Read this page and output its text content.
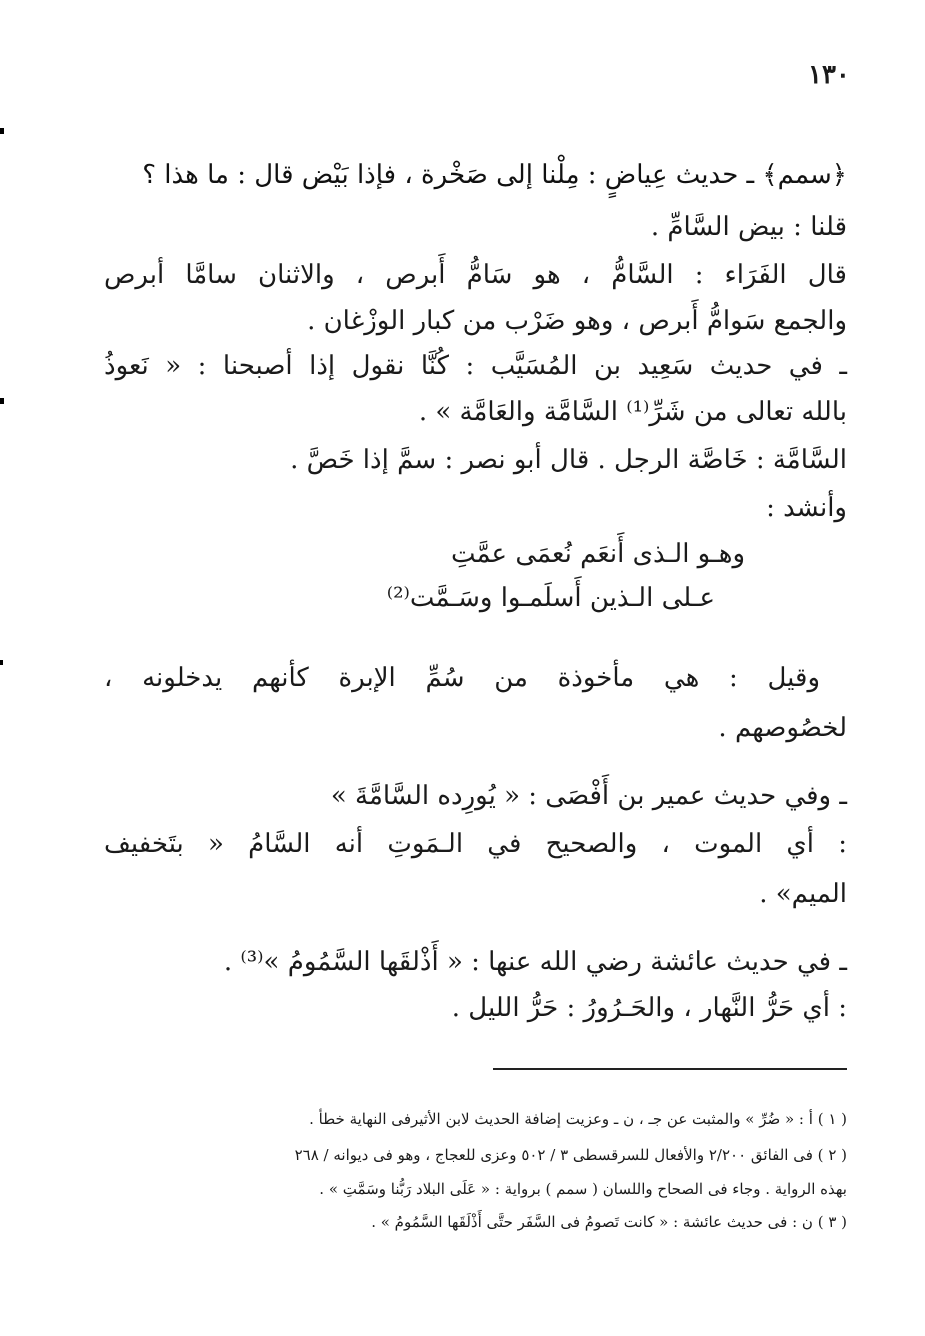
١٣٠
﴿سمم﴾ ـ حديث عِياضٍ : مِلْنا إلى صَخْرة ، فإذا بَيْض قال : ما هذا ؟
قلنا : بيض السَّامِّ .
قال الفَرَاء : السَّامُّ ، هو سَامُّ أَبرص ، والاثنان سامَّا أبرص
والجمع سَوامُّ أَبرص ، وهو ضَرْب من كبار الوزْغان .
ـ في حديث سَعِيد بن المُسَيَّب : كُنَّا نقول إذا أصبحنا : « نَعوذُ
بالله تعالى من شَرِّ⁽¹⁾ السَّامَّة والعَامَّة » .
السَّامَّة : خَاصَّة الرجل . قال أبو نصر : سمَّ إذا خَصَّ .
وأنشد :
وهـو الـذى أَنعَم نُعمَى عمَّتِ
عـلى الـذين أَسلَمـوا وسَـمَّت⁽²⁾
وقيل : هي مأخوذة من سُمِّ الإبرة كأنهم يدخلونه ،
لخصُوصهم .
ـ وفي حديث عمير بن أَفْصَى : « يُورِده السَّامَّةَ »
: أي الموت ، والصحيح في الـمَوتِ أنه السَّامُ « بتَخفيف
الميم» .
ـ في حديث عائشة رضي الله عنها : « أَذْلقَها السَّمُومُ »⁽³⁾ .
: أي حَرُّ النَّهار ، والحَـرُورُ : حَرُّ الليل .
( ١ ) أ : « ضُرِّ » والمثبت عن جـ ، ن ـ وعزيت إضافة الحديث لابن الأثيرفى النهاية خطأ .
( ٢ ) فى الفائق ٢/٢٠٠ والأفعال للسرقسطى ٣ / ٥٠٢ وعزى للعجاج ، وهو فى ديوانه / ٢٦٨
بهذه الرواية . وجاء فى الصحاح واللسان ( سمم ) برواية : « عَلَى البلاد رَبُّنا وسَمَّتِ » .
( ٣ ) ن : فى حديث عائشة : « كانت تَصومُ فى السَّفَر حتَّى أَذْلَقَها السَّمُومُ » .
